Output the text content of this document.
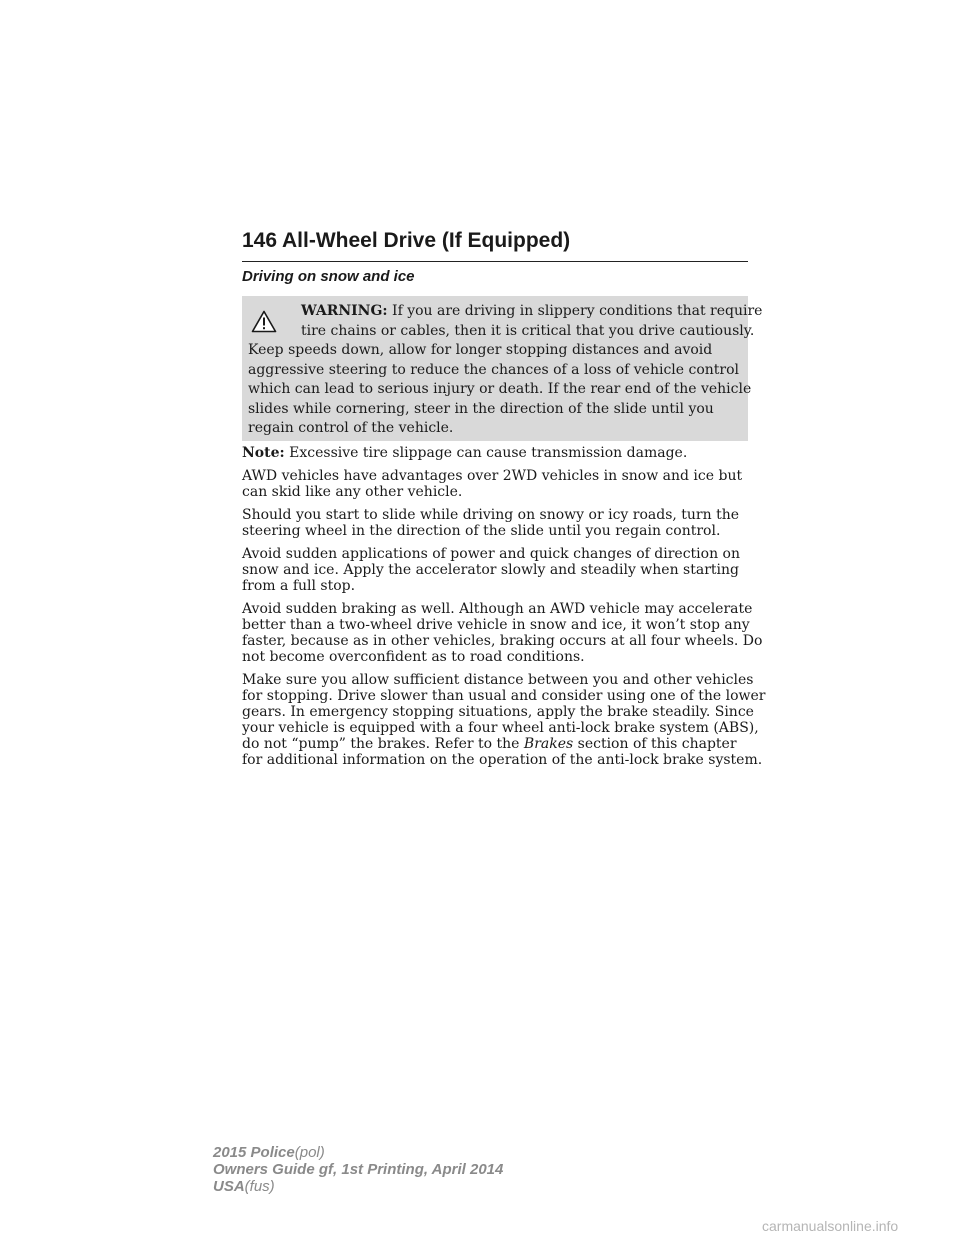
146 All-Wheel Drive (If Equipped)
Driving on snow and ice
WARNING: If you are driving in slippery conditions that require
tire chains or cables, then it is critical that you drive cautiously.
Keep speeds down, allow for longer stopping distances and avoid
aggressive steering to reduce the chances of a loss of vehicle control
which can lead to serious injury or death. If the rear end of the vehicle
slides while cornering, steer in the direction of the slide until you
regain control of the vehicle.

Note: Excessive tire slippage can cause transmission damage.

AWD vehicles have advantages over 2WD vehicles in snow and ice but
can skid like any other vehicle.

Should you start to slide while driving on snowy or icy roads, turn the
steering wheel in the direction of the slide until you regain control.

Avoid sudden applications of power and quick changes of direction on
snow and ice. Apply the accelerator slowly and steadily when starting
from a full stop.

Avoid sudden braking as well. Although an AWD vehicle may accelerate
better than a two-wheel drive vehicle in snow and ice, it won’t stop any
faster, because as in other vehicles, braking occurs at all four wheels. Do
not become overconfident as to road conditions.

Make sure you allow sufficient distance between you and other vehicles
for stopping. Drive slower than usual and consider using one of the lower
gears. In emergency stopping situations, apply the brake steadily. Since
your vehicle is equipped with a four wheel anti-lock brake system (ABS),
do not “pump” the brakes. Refer to the Brakes section of this chapter
for additional information on the operation of the anti-lock brake system.

2015 Police(pol)
Owners Guide gf, 1st Printing, April 2014
USA(fus)
carmanualsonline.info
